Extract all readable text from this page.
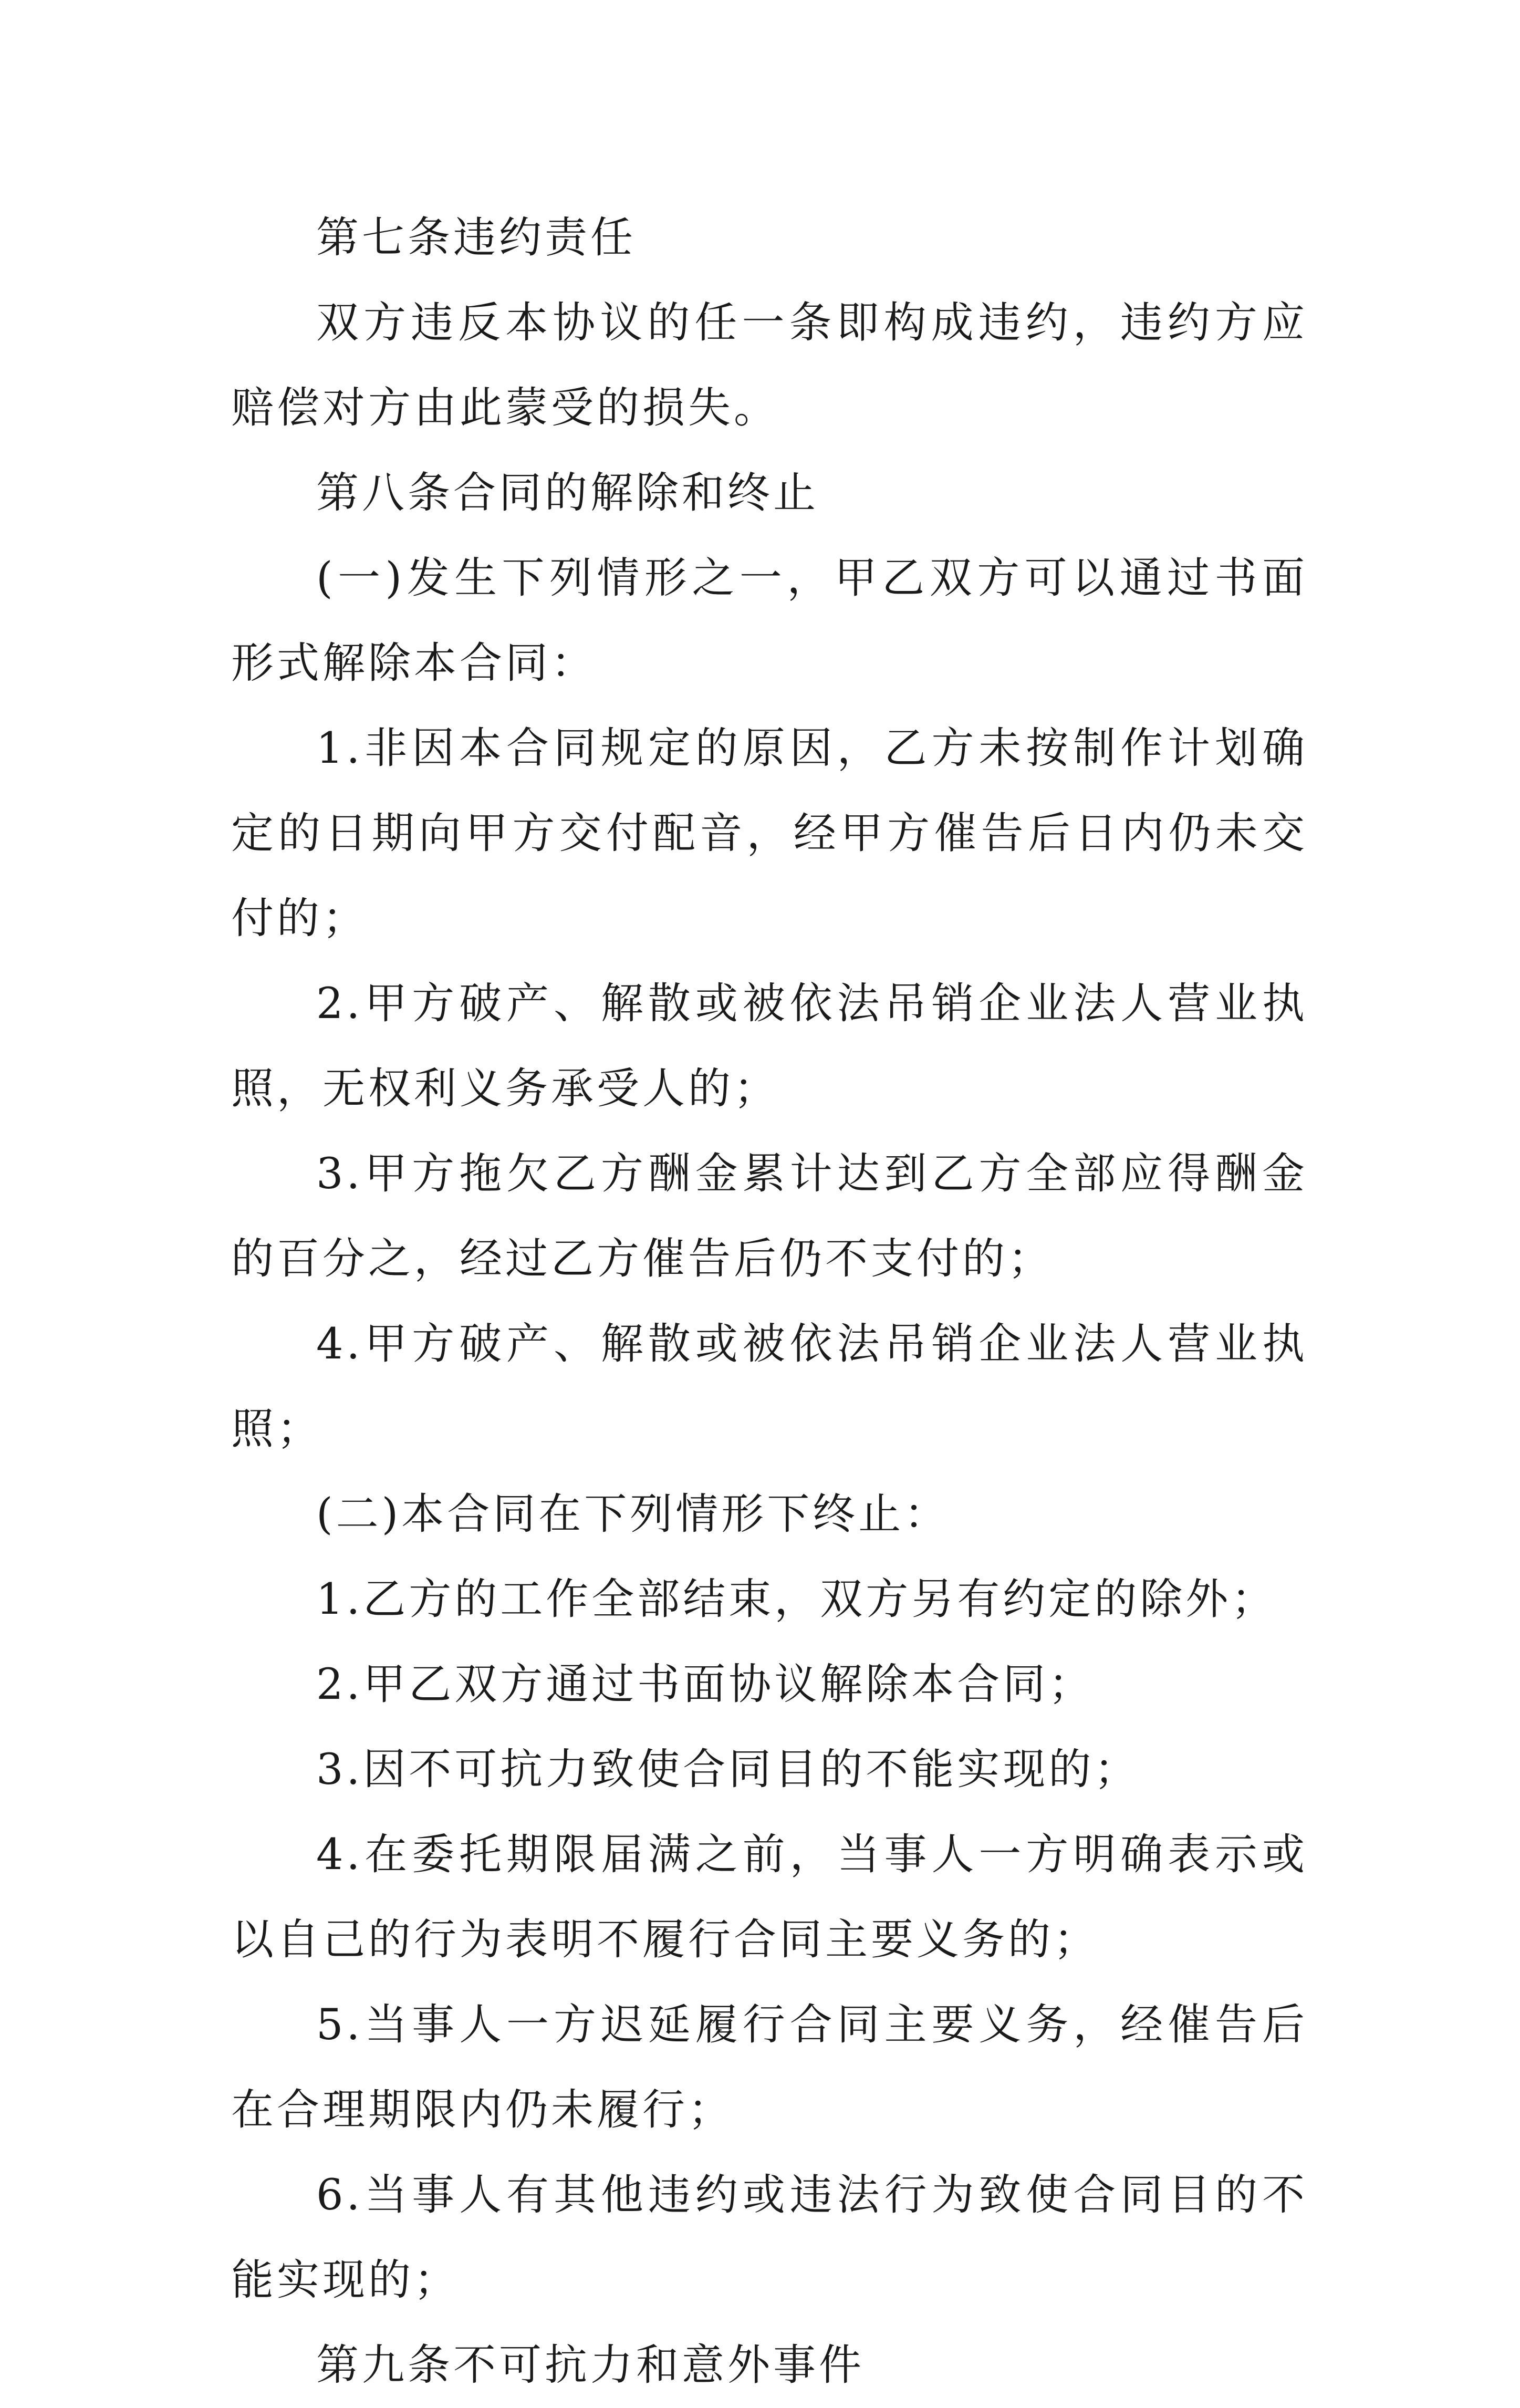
第七条违约责任

双方违反本协议的任一条即构成违约，违约方应赔偿对方由此蒙受的损失。

第八条合同的解除和终止

(一)发生下列情形之一，甲乙双方可以通过书面形式解除本合同：

1.非因本合同规定的原因，乙方未按制作计划确定的日期向甲方交付配音，经甲方催告后日内仍未交付的；

2.甲方破产、解散或被依法吊销企业法人营业执照，无权利义务承受人的；

3.甲方拖欠乙方酬金累计达到乙方全部应得酬金的百分之，经过乙方催告后仍不支付的；

4.甲方破产、解散或被依法吊销企业法人营业执照；

(二)本合同在下列情形下终止：

1.乙方的工作全部结束，双方另有约定的除外；

2.甲乙双方通过书面协议解除本合同；

3.因不可抗力致使合同目的不能实现的；

4.在委托期限届满之前，当事人一方明确表示或以自己的行为表明不履行合同主要义务的；

5.当事人一方迟延履行合同主要义务，经催告后在合理期限内仍未履行；

6.当事人有其他违约或违法行为致使合同目的不能实现的；

第九条不可抗力和意外事件
